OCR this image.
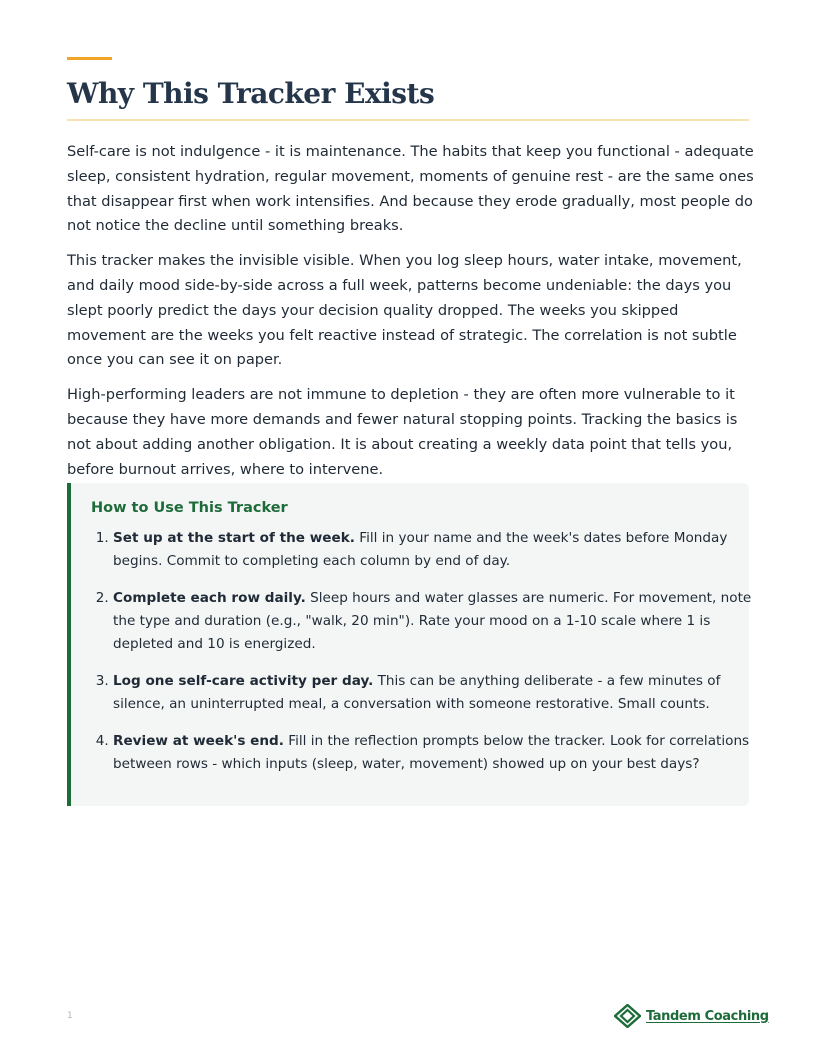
Why This Tracker Exists

Self-care is not indulgence - it is maintenance. The habits that keep you functional - adequate sleep, consistent hydration, regular movement, moments of genuine rest - are the same ones that disappear first when work intensifies. And because they erode gradually, most people do not notice the decline until something breaks.

This tracker makes the invisible visible. When you log sleep hours, water intake, movement, and daily mood side-by-side across a full week, patterns become undeniable: the days you slept poorly predict the days your decision quality dropped. The weeks you skipped movement are the weeks you felt reactive instead of strategic. The correlation is not subtle once you can see it on paper.

High-performing leaders are not immune to depletion - they are often more vulnerable to it because they have more demands and fewer natural stopping points. Tracking the basics is not about adding another obligation. It is about creating a weekly data point that tells you, before burnout arrives, where to intervene.

How to Use This Tracker
1. Set up at the start of the week. Fill in your name and the week's dates before Monday begins. Commit to completing each column by end of day.
2. Complete each row daily. Sleep hours and water glasses are numeric. For movement, note the type and duration (e.g., "walk, 20 min"). Rate your mood on a 1-10 scale where 1 is depleted and 10 is energized.
3. Log one self-care activity per day. This can be anything deliberate - a few minutes of silence, an uninterrupted meal, a conversation with someone restorative. Small counts.
4. Review at week's end. Fill in the reflection prompts below the tracker. Look for correlations between rows - which inputs (sleep, water, movement) showed up on your best days?
1	Tandem Coaching
